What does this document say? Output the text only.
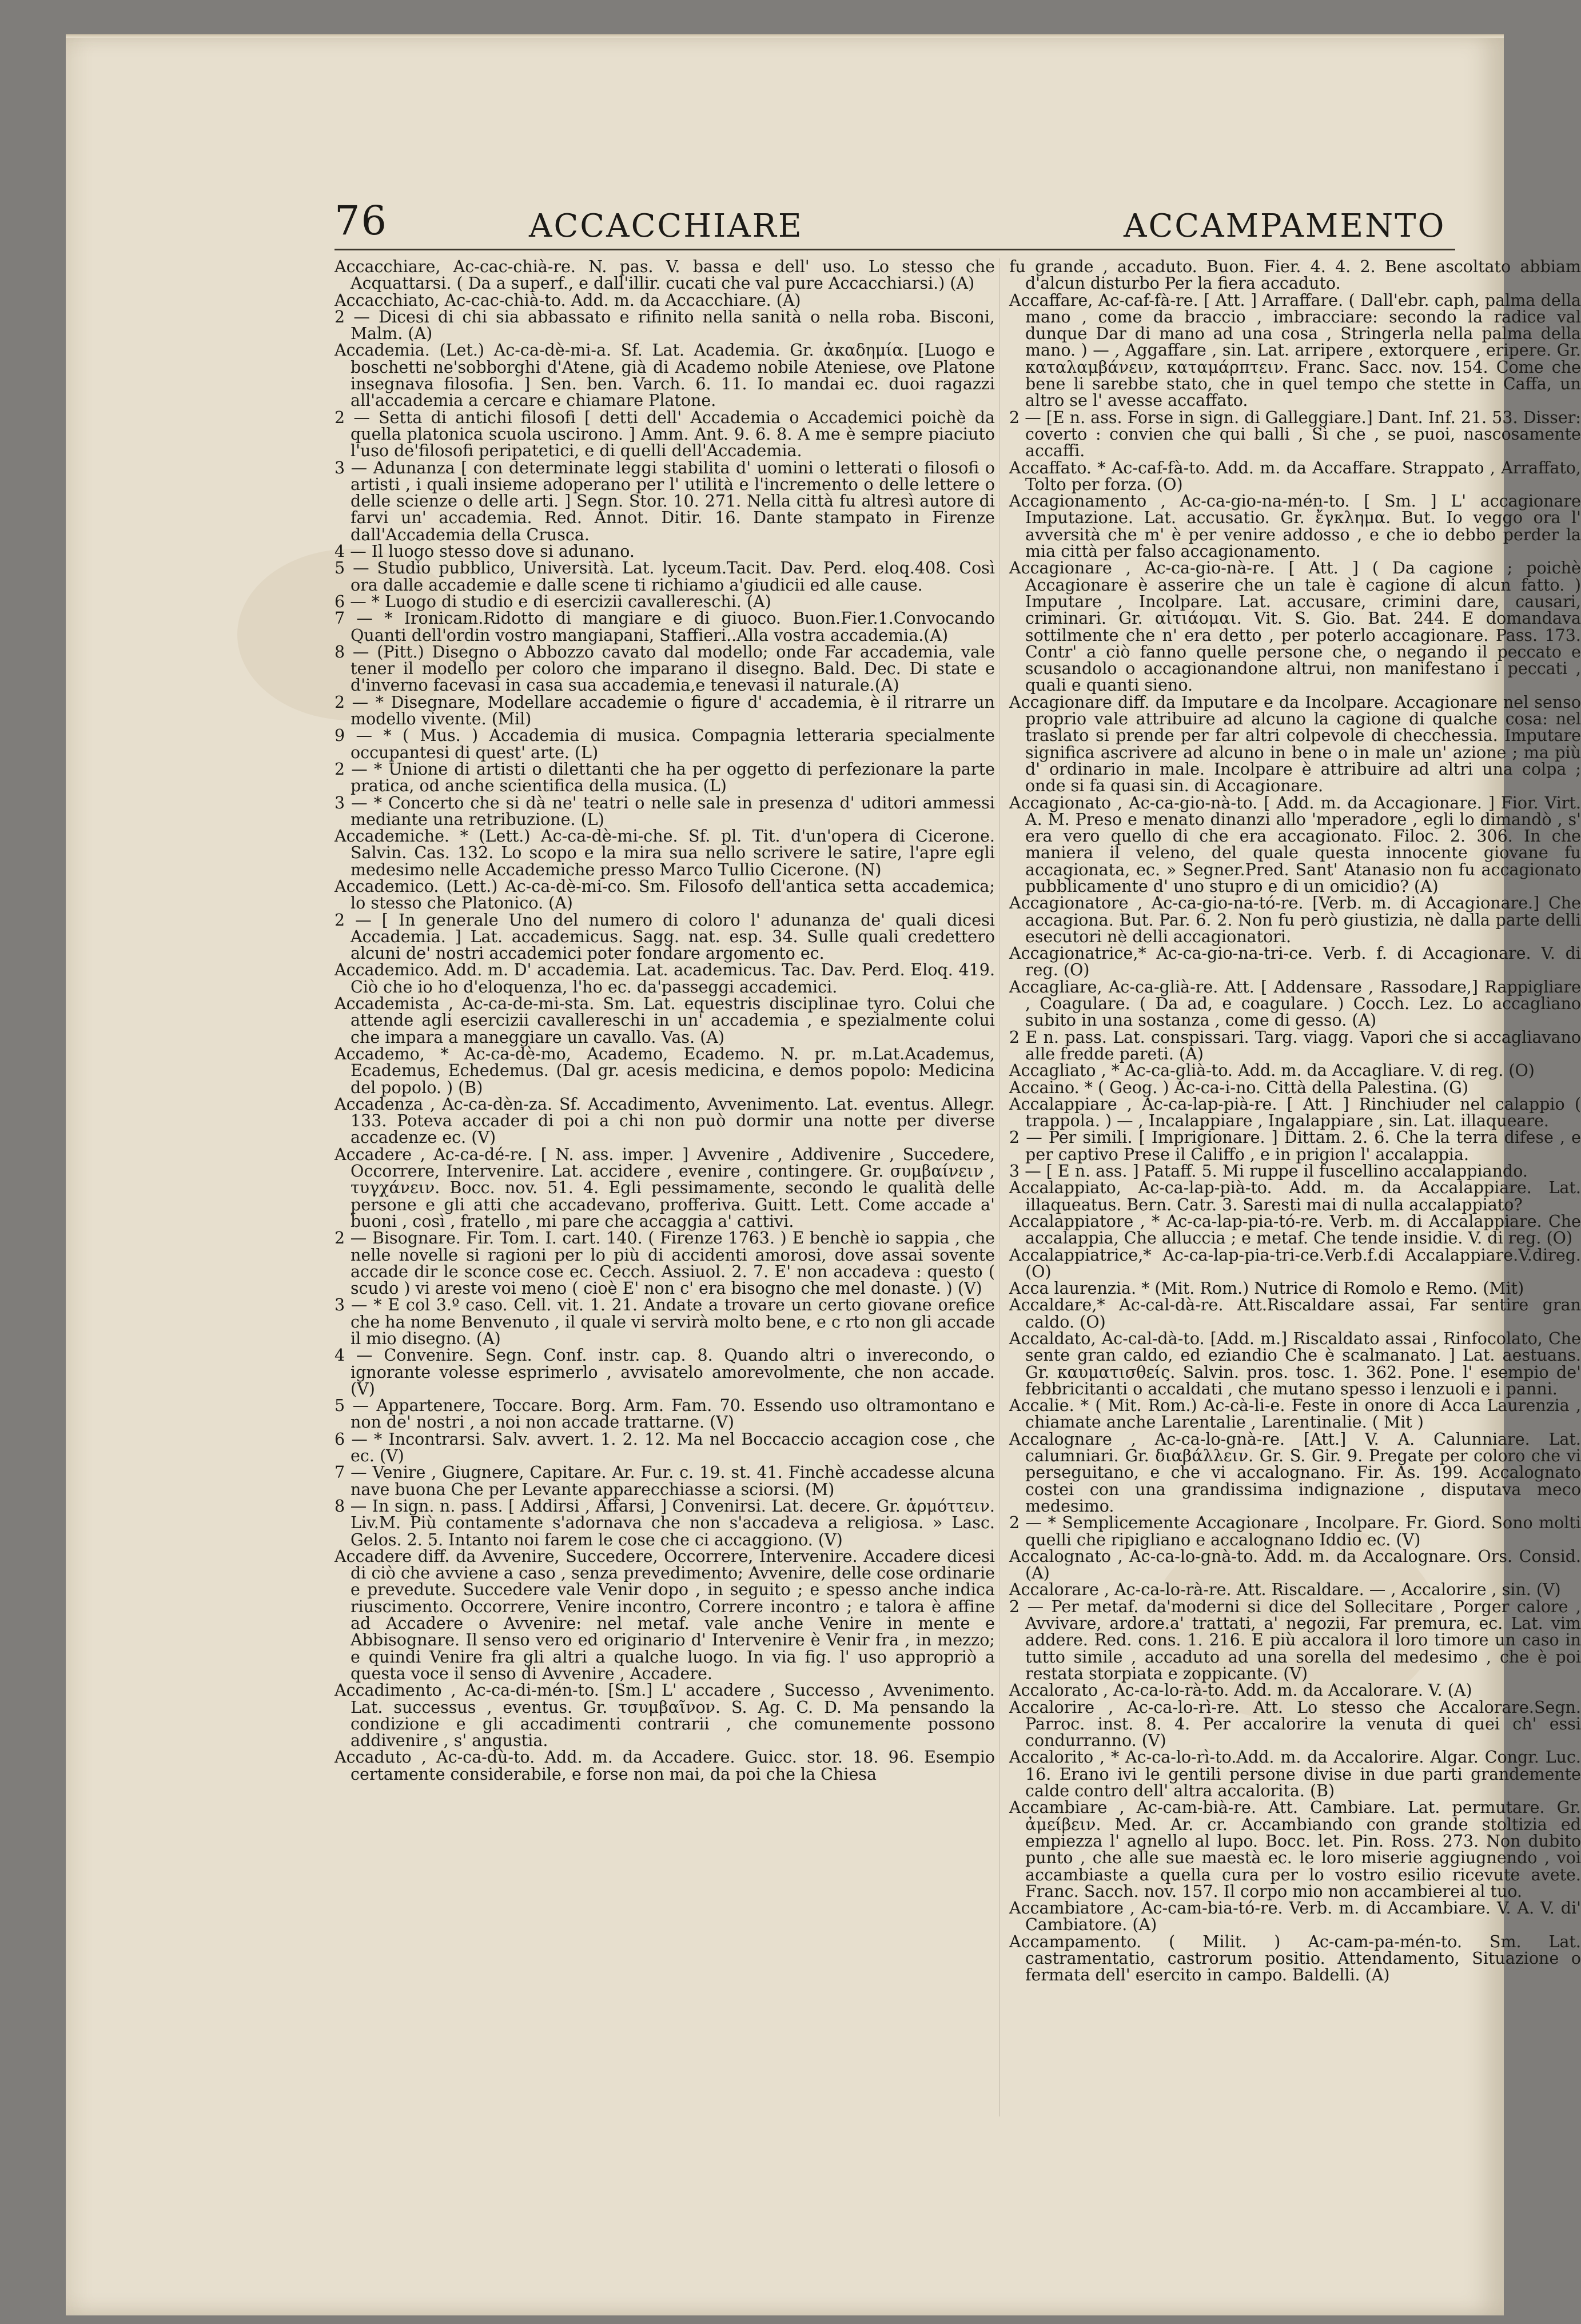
76	ACCACCHIARE	ACCAMPAMENTO

Accacchiare, Ac-cac-chià-re. N. pas. V. bassa e dell' uso. Lo stesso che Acquattarsi. ( Da a superf., e dall'illir. cucati che val pure Accacchiarsi.) (A)

Accacchiato, Ac-cac-chià-to. Add. m. da Accacchiare. (A)

2 — Dicesi di chi sia abbassato e rifinito nella sanità o nella roba. Bisconi, Malm. (A)

Accademia. (Let.) Ac-ca-dè-mi-a. Sf. Lat. Academia. Gr. ἀκαδημία. [Luogo e boschetti ne'sobborghi d'Atene, già di Academo nobile Ateniese, ove Platone insegnava filosofia. ] Sen. ben. Varch. 6. 11. Io mandai ec. duoi ragazzi all'accademia a cercare e chiamare Platone.

2 — Setta di antichi filosofi [ detti dell' Accademia o Accademici poichè da quella platonica scuola uscirono. ] Amm. Ant. 9. 6. 8. A me è sempre piaciuto l'uso de'filosofi peripatetici, e di quelli dell'Accademia.

3 — Adunanza [ con determinate leggi stabilita d' uomini o letterati o filosofi o artisti , i quali insieme adoperano per l' utilità e l'incremento o delle lettere o delle scienze o delle arti. ] Segn. Stor. 10. 271. Nella città fu altresì autore di farvi un' accademia. Red. Annot. Ditir. 16. Dante stampato in Firenze dall'Accademia della Crusca.

4 — Il luogo stesso dove si adunano.

5 — Studio pubblico, Università. Lat. lyceum.Tacit. Dav. Perd. eloq.408. Così ora dalle accademie e dalle scene ti richiamo a'giudicii ed alle cause.

6 — * Luogo di studio e di esercizii cavallereschi. (A)

7 — * Ironicam.Ridotto di mangiare e di giuoco. Buon.Fier.1.Convocando Quanti dell'ordin vostro mangiapani, Staffieri..Alla vostra accademia.(A)

8 — (Pitt.) Disegno o Abbozzo cavato dal modello; onde Far accademia, vale tener il modello per coloro che imparano il disegno. Bald. Dec. Di state e d'inverno facevasi in casa sua accademia,e tenevasi il naturale.(A)

2 — * Disegnare, Modellare accademie o figure d' accademia, è il ritrarre un modello vivente. (Mil)

9 — * ( Mus. ) Accademia di musica. Compagnia letteraria specialmente occupantesi di quest' arte. (L)

2 — * Unione di artisti o dilettanti che ha per oggetto di perfezionare la parte pratica, od anche scientifica della musica. (L)

3 — * Concerto che si dà ne' teatri o nelle sale in presenza d' uditori ammessi mediante una retribuzione. (L)

Accademiche. * (Lett.) Ac-ca-dè-mi-che. Sf. pl. Tit. d'un'opera di Cicerone. Salvin. Cas. 132. Lo scopo e la mira sua nello scrivere le satire, l'apre egli medesimo nelle Accademiche presso Marco Tullio Cicerone. (N)

Accademico. (Lett.) Ac-ca-dè-mi-co. Sm. Filosofo dell'antica setta accademica; lo stesso che Platonico. (A)

2 — [ In generale Uno del numero di coloro l' adunanza de' quali dicesi Accademia. ] Lat. accademicus. Sagg. nat. esp. 34. Sulle quali credettero alcuni de' nostri accademici poter fondare argomento ec.

Accademico. Add. m. D' accademia. Lat. academicus. Tac. Dav. Perd. Eloq. 419. Ciò che io ho d'eloquenza, l'ho ec. da'passeggi accademici.

Accademista , Ac-ca-de-mi-sta. Sm. Lat. equestris disciplinae tyro. Colui che attende agli esercizii cavallereschi in un' accademia , e spezialmente colui che impara a maneggiare un cavallo. Vas. (A)

Accademo, * Ac-ca-dè-mo, Academo, Ecademo. N. pr. m.Lat.Academus, Ecademus, Echedemus. (Dal gr. acesis medicina, e demos popolo: Medicina del popolo. ) (B)

Accadenza , Ac-ca-dèn-za. Sf. Accadimento, Avvenimento. Lat. eventus. Allegr. 133. Poteva accader di poi a chi non può dormir una notte per diverse accadenze ec. (V)

Accadere , Ac-ca-dé-re. [ N. ass. imper. ] Avvenire , Addivenire , Succedere, Occorrere, Intervenire. Lat. accidere , evenire , contingere. Gr. συμβαίνειν , τυγχάνειν. Bocc. nov. 51. 4. Egli pessimamente, secondo le qualità delle persone e gli atti che accadevano, profferiva. Guitt. Lett. Come accade a' buoni , così , fratello , mi pare che accaggia a' cattivi.

2 — Bisognare. Fir. Tom. I. cart. 140. ( Firenze 1763. ) E benchè io sappia , che nelle novelle si ragioni per lo più di accidenti amorosi, dove assai sovente accade dir le sconce cose ec. Cecch. Assiuol. 2. 7. E' non accadeva : questo ( scudo ) vi areste voi meno ( cioè E' non c' era bisogno che mel donaste. ) (V)

3 — * E col 3.º caso. Cell. vit. 1. 21. Andate a trovare un certo giovane orefice che ha nome Benvenuto , il quale vi servirà molto bene, e c rto non gli accade il mio disegno. (A)

4 — Convenire. Segn. Conf. instr. cap. 8. Quando altri o inverecondo, o ignorante volesse esprimerlo , avvisatelo amorevolmente, che non accade. (V)

5 — Appartenere, Toccare. Borg. Arm. Fam. 70. Essendo uso oltramontano e non de' nostri , a noi non accade trattarne. (V)

6 — * Incontrarsi. Salv. avvert. 1. 2. 12. Ma nel Boccaccio accagion cose , che ec. (V)

7 — Venire , Giugnere, Capitare. Ar. Fur. c. 19. st. 41. Finchè accadesse alcuna nave buona Che per Levante apparecchiasse a sciorsi. (M)

8 — In sign. n. pass. [ Addirsi , Affarsi, ] Convenirsi. Lat. decere. Gr. ἁρμόττειν. Liv.M. Più contamente s'adornava che non s'accadeva a religiosa. » Lasc. Gelos. 2. 5. Intanto noi farem le cose che ci accaggiono. (V)

Accadere diff. da Avvenire, Succedere, Occorrere, Intervenire. Accadere dicesi di ciò che avviene a caso , senza prevedimento; Avvenire, delle cose ordinarie e prevedute. Succedere vale Venir dopo , in seguito ; e spesso anche indica riuscimento. Occorrere, Venire incontro, Correre incontro ; e talora è affine ad Accadere o Avvenire: nel metaf. vale anche Venire in mente e Abbisognare. Il senso vero ed originario d' Intervenire è Venir fra , in mezzo; e quindi Venire fra gli altri a qualche luogo. In via fig. l' uso appropriò a questa voce il senso di Avvenire , Accadere.

Accadimento , Ac-ca-di-mén-to. [Sm.] L' accadere , Successo , Avvenimento. Lat. successus , eventus. Gr. τσυμβαῖνον. S. Ag. C. D. Ma pensando la condizione e gli accadimenti contrarii , che comunemente possono addivenire , s' angustia.

Accaduto , Ac-ca-dù-to. Add. m. da Accadere. Guicc. stor. 18. 96. Esempio certamente considerabile, e forse non mai, da poi che la Chiesa

fu grande , accaduto. Buon. Fier. 4. 4. 2. Bene ascoltato abbiam d'alcun disturbo Per la fiera accaduto.

Accaffare, Ac-caf-fà-re. [ Att. ] Arraffare. ( Dall'ebr. caph, palma della mano , come da braccio , imbracciare: secondo la radice val dunque Dar di mano ad una cosa , Stringerla nella palma della mano. ) — , Aggaffare , sin. Lat. arripere , extorquere , eripere. Gr. καταλαμβάνειν, καταμάρπτειν. Franc. Sacc. nov. 154. Come che bene li sarebbe stato, che in quel tempo che stette in Caffa, un altro se l' avesse accaffato.

2 — [E n. ass. Forse in sign. di Galleggiare.] Dant. Inf. 21. 53. Disser: coverto : convien che qui balli , Sì che , se puoi, nascosamente accaffi.

Accaffato. * Ac-caf-fà-to. Add. m. da Accaffare. Strappato , Arraffato, Tolto per forza. (O)

Accagionamento , Ac-ca-gio-na-mén-to. [ Sm. ] L' accagionare Imputazione. Lat. accusatio. Gr. ἔγκλημα. But. Io veggo ora l' avversità che m' è per venire addosso , e che io debbo perder la mia città per falso accagionamento.

Accagionare , Ac-ca-gio-nà-re. [ Att. ] ( Da cagione ; poichè Accagionare è asserire che un tale è cagione di alcun fatto. ) Imputare , Incolpare. Lat. accusare, crimini dare, causari, criminari. Gr. αἰτιάομαι. Vit. S. Gio. Bat. 244. E domandava sottilmente che n' era detto , per poterlo accagionare. Pass. 173. Contr' a ciò fanno quelle persone che, o negando il peccato e scusandolo o accagionandone altrui, non manifestano i peccati , quali e quanti sieno.

Accagionare diff. da Imputare e da Incolpare. Accagionare nel senso proprio vale attribuire ad alcuno la cagione di qualche cosa: nel traslato si prende per far altri colpevole di checchessia. Imputare significa ascrivere ad alcuno in bene o in male un' azione ; ma più d' ordinario in male. Incolpare è attribuire ad altri una colpa ; onde si fa quasi sin. di Accagionare.

Accagionato , Ac-ca-gio-nà-to. [ Add. m. da Accagionare. ] Fior. Virt. A. M. Preso e menato dinanzi allo 'mperadore , egli lo dimandò , s' era vero quello di che era accagionato. Filoc. 2. 306. In che maniera il veleno, del quale questa innocente giovane fu accagionata, ec. » Segner.Pred. Sant' Atanasio non fu accagionato pubblicamente d' uno stupro e di un omicidio? (A)

Accagionatore , Ac-ca-gio-na-tó-re. [Verb. m. di Accagionare.] Che accagiona. But. Par. 6. 2. Non fu però giustizia, nè dalla parte delli esecutori nè delli accagionatori.

Accagionatrice,* Ac-ca-gio-na-tri-ce. Verb. f. di Accagionare. V. di reg. (O)

Accagliare, Ac-ca-glià-re. Att. [ Addensare , Rassodare,] Rappigliare , Coagulare. ( Da ad, e coagulare. ) Cocch. Lez. Lo accagliano subito in una sostanza , come di gesso. (A)

2 E n. pass. Lat. conspissari. Targ. viagg. Vapori che si accagliavano alle fredde pareti. (A)

Accagliato , * Ac-ca-glià-to. Add. m. da Accagliare. V. di reg. (O)

Accaino. * ( Geog. ) Ac-ca-i-no. Città della Palestina. (G)

Accalappiare , Ac-ca-lap-pià-re. [ Att. ] Rinchiuder nel calappio ( trappola. ) — , Incalappiare , Ingalappiare , sin. Lat. illaqueare.

2 — Per simili. [ Imprigionare. ] Dittam. 2. 6. Che la terra difese , e per captivo Prese il Califfo , e in prigion l' accalappia.

3 — [ E n. ass. ] Pataff. 5. Mi ruppe il fuscellino accalappiando.

Accalappiato, Ac-ca-lap-pià-to. Add. m. da Accalappiare. Lat. illaqueatus. Bern. Catr. 3. Saresti mai di nulla accalappiato?

Accalappiatore , * Ac-ca-lap-pia-tó-re. Verb. m. di Accalappiare. Che accalappia, Che alluccia ; e metaf. Che tende insidie. V. di reg. (O)

Accalappiatrice,* Ac-ca-lap-pia-tri-ce.Verb.f.di Accalappiare.V.direg.(O)

Acca laurenzia. * (Mit. Rom.) Nutrice di Romolo e Remo. (Mit)

Accaldare,* Ac-cal-dà-re. Att.Riscaldare assai, Far sentire gran caldo. (O)

Accaldato, Ac-cal-dà-to. [Add. m.] Riscaldato assai , Rinfocolato, Che sente gran caldo, ed eziandio Che è scalmanato. ] Lat. aestuans. Gr. καυματισθείς. Salvin. pros. tosc. 1. 362. Pone. l' esempio de' febbricitanti o accaldati , che mutano spesso i lenzuoli e i panni.

Accalie. * ( Mit. Rom.) Ac-cà-li-e. Feste in onore di Acca Laurenzia , chiamate anche Larentalie , Larentinalie. ( Mit )

Accalognare , Ac-ca-lo-gnà-re. [Att.] V. A. Calunniare. Lat. calumniari. Gr. διαβάλλειν. Gr. S. Gir. 9. Pregate per coloro che vi perseguitano, e che vi accalognano. Fir. As. 199. Accalognato costei con una grandissima indignazione , disputava meco medesimo.

2 — * Semplicemente Accagionare , Incolpare. Fr. Giord. Sono molti quelli che ripigliano e accalognano Iddio ec. (V)

Accalognato , Ac-ca-lo-gnà-to. Add. m. da Accalognare. Ors. Consid. (A)

Accalorare , Ac-ca-lo-rà-re. Att. Riscaldare. — , Accalorire , sin. (V)

2 — Per metaf. da'moderni si dice del Sollecitare , Porger calore , Avvivare, ardore.a' trattati, a' negozii, Far premura, ec. Lat. vim addere. Red. cons. 1. 216. E più accalora il loro timore un caso in tutto simile , accaduto ad una sorella del medesimo , che è poi restata storpiata e zoppicante. (V)

Accalorato , Ac-ca-lo-rà-to. Add. m. da Accalorare. V. (A)

Accalorire , Ac-ca-lo-rì-re. Att. Lo stesso che Accalorare.Segn. Parroc. inst. 8. 4. Per accalorire la venuta di quei ch' essi condurranno. (V)

Accalorito , * Ac-ca-lo-rì-to.Add. m. da Accalorire. Algar. Congr. Luc. 16. Erano ivi le gentili persone divise in due parti grandemente calde contro dell' altra accalorita. (B)

Accambiare , Ac-cam-bià-re. Att. Cambiare. Lat. permutare. Gr. ἀμείβειν. Med. Ar. cr. Accambiando con grande stoltizia ed empiezza l' agnello al lupo. Bocc. let. Pin. Ross. 273. Non dubito punto , che alle sue maestà ec. le loro miserie aggiugnendo , voi accambiaste a quella cura per lo vostro esilio ricevute avete. Franc. Sacch. nov. 157. Il corpo mio non accambierei al tuo.

Accambiatore , Ac-cam-bia-tó-re. Verb. m. di Accambiare. V. A. V. di' Cambiatore. (A)

Accampamento. ( Milit. ) Ac-cam-pa-mén-to. Sm. Lat. castramentatio, castrorum positio. Attendamento, Situazione o fermata dell' esercito in campo. Baldelli. (A)
